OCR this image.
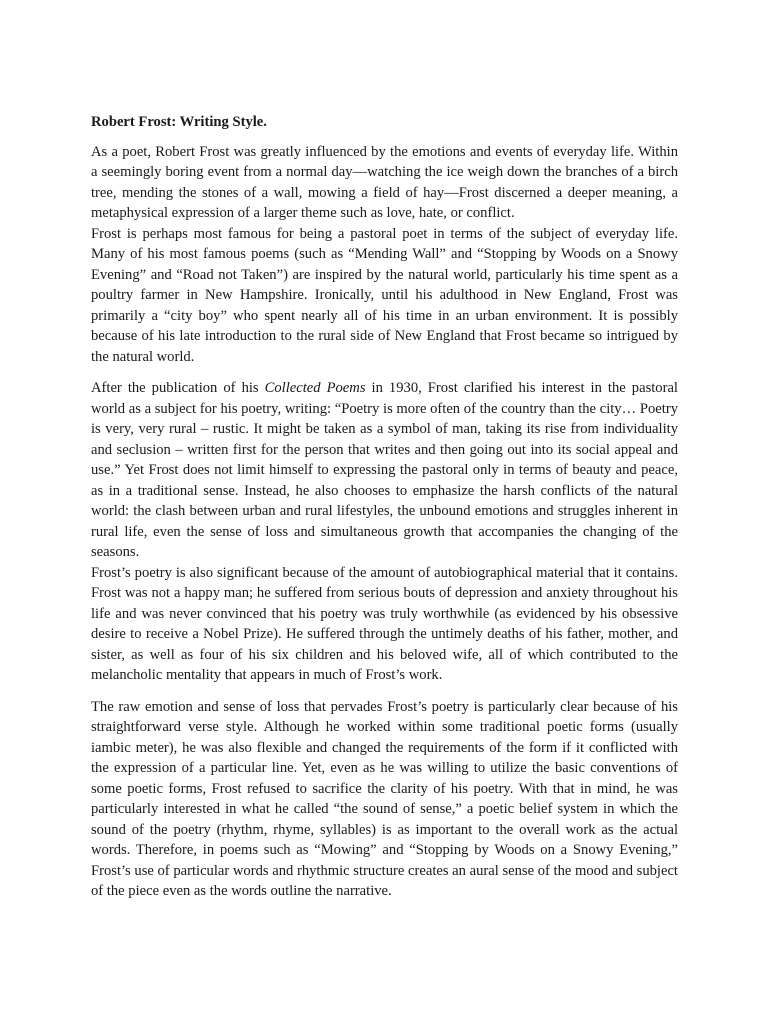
Robert Frost: Writing Style.

As a poet, Robert Frost was greatly influenced by the emotions and events of everyday life. Within a seemingly boring event from a normal day—watching the ice weigh down the branches of a birch tree, mending the stones of a wall, mowing a field of hay—Frost discerned a deeper meaning, a metaphysical expression of a larger theme such as love, hate, or conflict.

Frost is perhaps most famous for being a pastoral poet in terms of the subject of everyday life. Many of his most famous poems (such as “Mending Wall” and “Stopping by Woods on a Snowy Evening” and “Road not Taken”) are inspired by the natural world, particularly his time spent as a poultry farmer in New Hampshire. Ironically, until his adulthood in New England, Frost was primarily a “city boy” who spent nearly all of his time in an urban environment. It is possibly because of his late introduction to the rural side of New England that Frost became so intrigued by the natural world.

After the publication of his Collected Poems in 1930, Frost clarified his interest in the pastoral world as a subject for his poetry, writing: “Poetry is more often of the country than the city… Poetry is very, very rural – rustic. It might be taken as a symbol of man, taking its rise from individuality and seclusion – written first for the person that writes and then going out into its social appeal and use.” Yet Frost does not limit himself to expressing the pastoral only in terms of beauty and peace, as in a traditional sense. Instead, he also chooses to emphasize the harsh conflicts of the natural world: the clash between urban and rural lifestyles, the unbound emotions and struggles inherent in rural life, even the sense of loss and simultaneous growth that accompanies the changing of the seasons.

Frost’s poetry is also significant because of the amount of autobiographical material that it contains. Frost was not a happy man; he suffered from serious bouts of depression and anxiety throughout his life and was never convinced that his poetry was truly worthwhile (as evidenced by his obsessive desire to receive a Nobel Prize). He suffered through the untimely deaths of his father, mother, and sister, as well as four of his six children and his beloved wife, all of which contributed to the melancholic mentality that appears in much of Frost’s work.

The raw emotion and sense of loss that pervades Frost’s poetry is particularly clear because of his straightforward verse style. Although he worked within some traditional poetic forms (usually iambic meter), he was also flexible and changed the requirements of the form if it conflicted with the expression of a particular line. Yet, even as he was willing to utilize the basic conventions of some poetic forms, Frost refused to sacrifice the clarity of his poetry. With that in mind, he was particularly interested in what he called “the sound of sense,” a poetic belief system in which the sound of the poetry (rhythm, rhyme, syllables) is as important to the overall work as the actual words. Therefore, in poems such as “Mowing” and “Stopping by Woods on a Snowy Evening,” Frost’s use of particular words and rhythmic structure creates an aural sense of the mood and subject of the piece even as the words outline the narrative.
